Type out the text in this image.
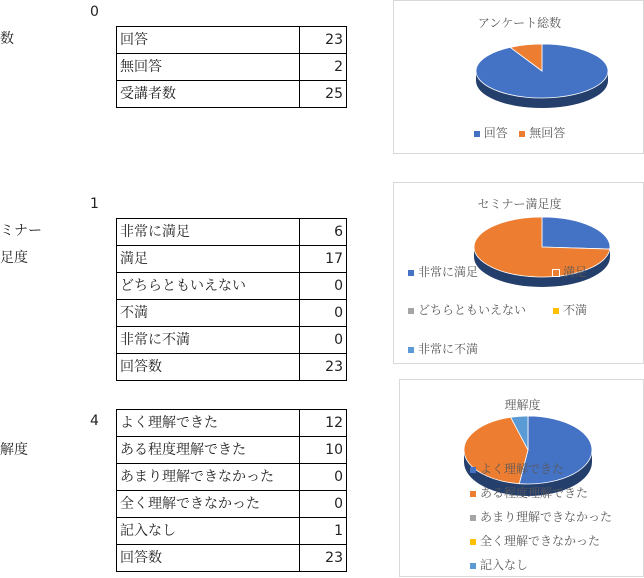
0
数	回答	23
無回答	2
受講者数	25
1
ミナー
足度
非常に満足	6
満足	17
どちらともいえない	0
不満	0
非常に不満	0
回答数	23
4
解度
よく理解できた	12
ある程度理解できた	10
あまり理解できなかった	0
全く理解できなかった	0
記入なし	1
回答数	23
アンケート総数
回答 無回答
セミナー満足度
非常に満足	満足
どちらともいえない	不満
非常に不満
理解度
よく理解できた
ある程度理解できた
あまり理解できなかった
全く理解できなかった
記入なし
